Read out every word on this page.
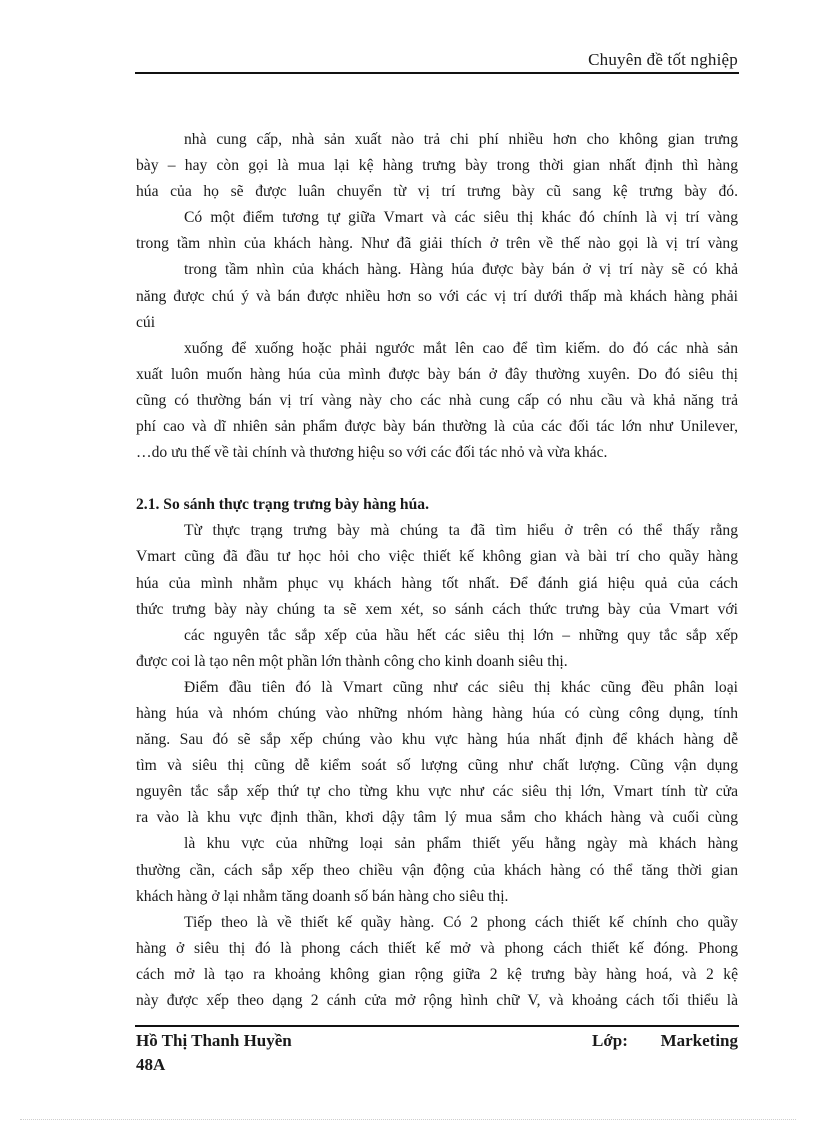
Chuyên đề tốt nghiệp
nhà cung cấp, nhà sản xuất nào trả chi phí nhiều hơn cho không gian trưng
bày – hay còn gọi là mua lại kệ hàng trưng bày trong thời gian nhất định thì hàng
húa của họ sẽ được luân chuyển từ vị trí trưng bày cũ sang kệ trưng bày đó.
Có một điểm tương tự giữa Vmart và các siêu thị khác đó chính là vị trí vàng
trong tầm nhìn của khách hàng. Như đã giải thích ở trên về thế nào gọi là vị trí vàng
trong tầm nhìn của khách hàng. Hàng húa được bày bán ở vị trí này sẽ có khả
năng được chú ý và bán được nhiều hơn so với các vị trí dưới thấp mà khách hàng phải
cúi
xuống để xuống hoặc phải ngước mắt lên cao để tìm kiếm. do đó các nhà sản
xuất luôn muốn hàng húa của mình được bày bán ở đây thường xuyên. Do đó siêu thị
cũng có thường bán vị trí vàng này cho các nhà cung cấp có nhu cầu và khả năng trả
phí cao và dĩ nhiên sản phẩm được bày bán thường là của các đối tác lớn như Unilever,
…do ưu thế về tài chính và thương hiệu so với các đối tác nhỏ và vừa khác.
2.1. So sánh thực trạng trưng bày hàng húa.
Từ thực trạng trưng bày mà chúng ta đã tìm hiểu ở trên có thể thấy rằng
Vmart cũng đã đầu tư học hỏi cho việc thiết kế không gian và bài trí cho quầy hàng
húa của mình nhằm phục vụ khách hàng tốt nhất. Để đánh giá hiệu quả của cách
thức trưng bày này chúng ta sẽ xem xét, so sánh cách thức trưng bày của Vmart với
các nguyên tắc sắp xếp của hầu hết các siêu thị lớn – những quy tắc sắp xếp
được coi là tạo nên một phần lớn thành công cho kinh doanh siêu thị.
Điểm đầu tiên đó là Vmart cũng như các siêu thị khác cũng đều phân loại
hàng húa và nhóm chúng vào những nhóm hàng hàng húa có cùng công dụng, tính
năng. Sau đó sẽ sắp xếp chúng vào khu vực hàng húa nhất định để khách hàng dễ
tìm và siêu thị cũng dễ kiểm soát số lượng cũng như chất lượng. Cũng vận dụng
nguyên tắc sắp xếp thứ tự cho từng khu vực như các siêu thị lớn, Vmart tính từ cửa
ra vào là khu vực định thần, khơi dậy tâm lý mua sắm cho khách hàng và cuối cùng
là khu vực của những loại sản phẩm thiết yếu hằng ngày mà khách hàng
thường cần, cách sắp xếp theo chiều vận động của khách hàng có thể tăng thời gian
khách hàng ở lại nhằm tăng doanh số bán hàng cho siêu thị.
Tiếp theo là về thiết kế quầy hàng. Có 2 phong cách thiết kế chính cho quầy
hàng ở siêu thị đó là phong cách thiết kế mở và phong cách thiết kế đóng. Phong
cách mở là tạo ra khoảng không gian rộng giữa 2 kệ trưng bày hàng hoá, và 2 kệ
này được xếp theo dạng 2 cánh cửa mở rộng hình chữ V, và khoảng cách tối thiểu là
Hồ Thị Thanh Huyền
48A
Lớp: Marketing
